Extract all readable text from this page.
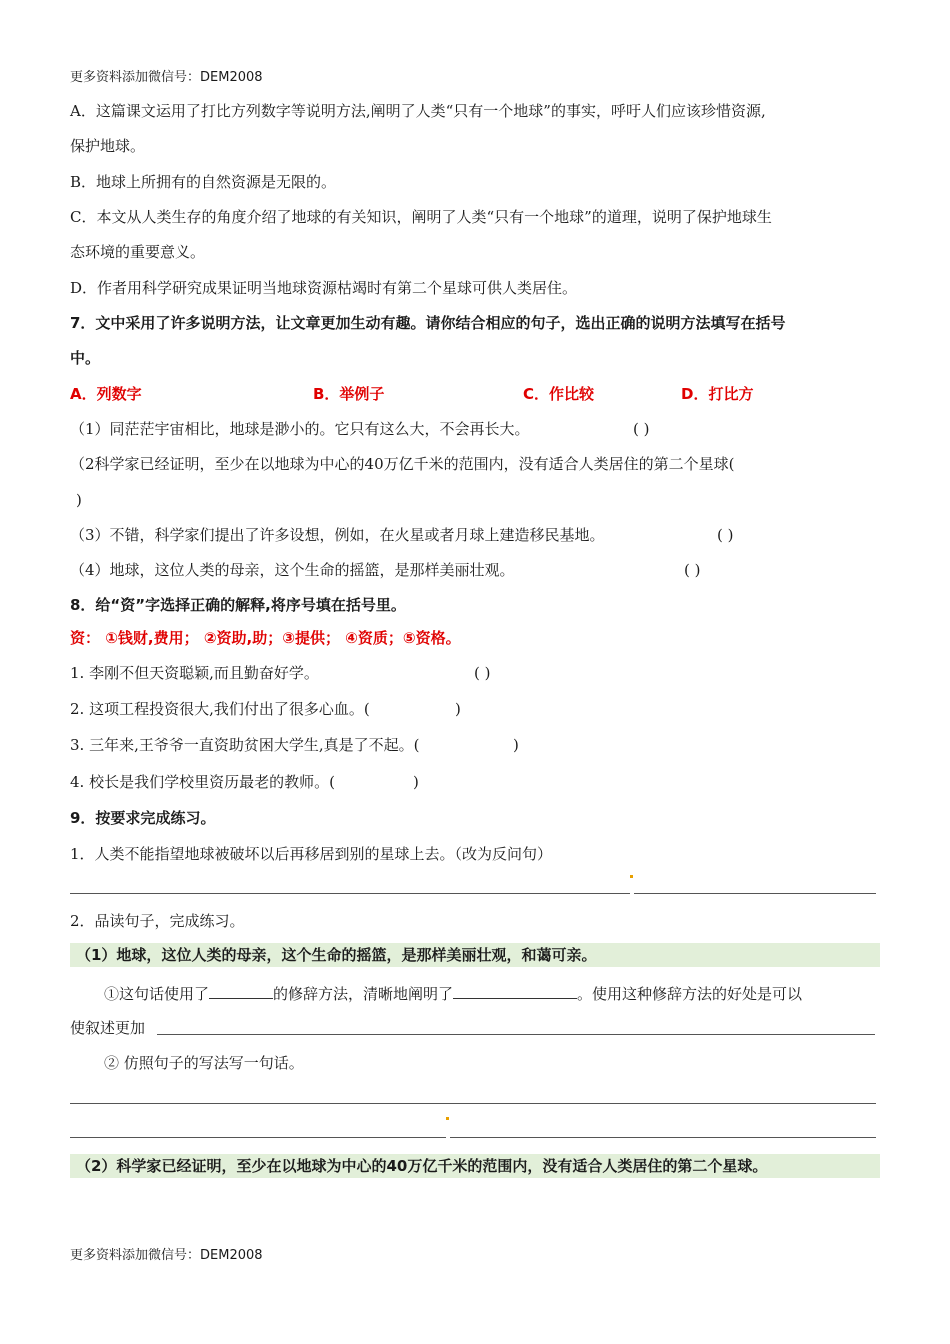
更多资料添加微信号：DEM2008
A．这篇课文运用了打比方列数字等说明方法,阐明了人类“只有一个地球”的事实，呼吁人们应该珍惜资源,
保护地球。
B．地球上所拥有的自然资源是无限的。
C．本文从人类生存的角度介绍了地球的有关知识，阐明了人类“只有一个地球”的道理，说明了保护地球生
态环境的重要意义。
D．作者用科学研究成果证明当地球资源枯竭时有第二个星球可供人类居住。
7．文中采用了许多说明方法，让文章更加生动有趣。请你结合相应的句子，选出正确的说明方法填写在括号
中。
A．列数字	B．举例子	C．作比较	D．打比方
（1）同茫茫宇宙相比，地球是渺小的。它只有这么大，不会再长大。	( )
（2科学家已经证明，至少在以地球为中心的40万亿千米的范围内，没有适合人类居住的第二个星球(
)
（3）不错，科学家们提出了许多设想，例如，在火星或者月球上建造移民基地。	( )
（4）地球，这位人类的母亲，这个生命的摇篮，是那样美丽壮观。	( )
8．给“资”字选择正确的解释,将序号填在括号里。
资： ①钱财,费用； ②资助,助；③提供； ④资质；⑤资格。
1. 李刚不但天资聪颖,而且勤奋好学。	( )
2. 这项工程投资很大,我们付出了很多心血。(	)
3. 三年来,王爷爷一直资助贫困大学生,真是了不起。(	)
4. 校长是我们学校里资历最老的教师。(	)
9．按要求完成练习。
1．人类不能指望地球被破坏以后再移居到别的星球上去。（改为反问句）
2．品读句子，完成练习。
（1）地球，这位人类的母亲，这个生命的摇篮，是那样美丽壮观，和蔼可亲。
①这句话使用了	的修辞方法，清晰地阐明了	。使用这种修辞方法的好处是可以
使叙述更加
② 仿照句子的写法写一句话。
（2）科学家已经证明，至少在以地球为中心的40万亿千米的范围内，没有适合人类居住的第二个星球。
更多资料添加微信号：DEM2008
